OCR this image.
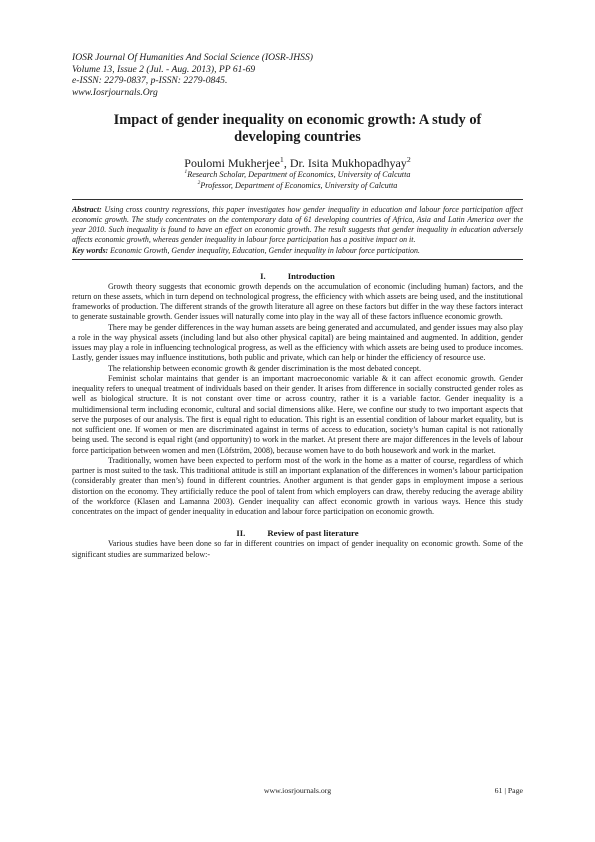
IOSR Journal Of Humanities And Social Science (IOSR-JHSS)
Volume 13, Issue 2 (Jul. - Aug. 2013), PP 61-69
e-ISSN: 2279-0837, p-ISSN: 2279-0845.
www.Iosrjournals.Org
Impact of gender inequality on economic growth: A study of
developing countries
Poulomi Mukherjee$^1$, Dr. Isita Mukhopadhyay$^2$
$^1$Research Scholar, Department of Economics, University of Calcutta
$^2$Professor, Department of Economics, University of Calcutta
Abstract: Using cross country regressions, this paper investigates how gender inequality in education and labour force participation affect economic growth. The study concentrates on the contemporary data of 61 developing countries of Africa, Asia and Latin America over the year 2010. Such inequality is found to have an effect on economic growth. The result suggests that gender inequality in education adversely affects economic growth, whereas gender inequality in labour force participation has a positive impact on it.
Key words: Economic Growth, Gender inequality, Education, Gender inequality in labour force participation.
I.	Introduction

Growth theory suggests that economic growth depends on the accumulation of economic (including human) factors, and the return on these assets, which in turn depend on technological progress, the efficiency with which assets are being used, and the institutional frameworks of production. The different strands of the growth literature all agree on these factors but differ in the way these factors interact to generate sustainable growth. Gender issues will naturally come into play in the way all of these factors influence economic growth.

There may be gender differences in the way human assets are being generated and accumulated, and gender issues may also play a role in the way physical assets (including land but also other physical capital) are being maintained and augmented. In addition, gender issues may play a role in influencing technological progress, as well as the efficiency with which assets are being used to produce incomes. Lastly, gender issues may influence institutions, both public and private, which can help or hinder the efficiency of resource use.

The relationship between economic growth & gender discrimination is the most debated concept.

Feminist scholar maintains that gender is an important macroeconomic variable & it can affect economic growth. Gender inequality refers to unequal treatment of individuals based on their gender. It arises from difference in socially constructed gender roles as well as biological structure. It is not constant over time or across country, rather it is a variable factor. Gender inequality is a multidimensional term including economic, cultural and social dimensions alike. Here, we confine our study to two important aspects that serve the purposes of our analysis. The first is equal right to education. This right is an essential condition of labour market equality, but is not sufficient one. If women or men are discriminated against in terms of access to education, society’s human capital is not rationally being used. The second is equal right (and opportunity) to work in the market. At present there are major differences in the levels of labour force participation between women and men (Löfström, 2008), because women have to do both housework and work in the market.

Traditionally, women have been expected to perform most of the work in the home as a matter of course, regardless of which partner is most suited to the task. This traditional attitude is still an important explanation of the differences in women’s labour participation (considerably greater than men’s) found in different countries. Another argument is that gender gaps in employment impose a serious distortion on the economy. They artificially reduce the pool of talent from which employers can draw, thereby reducing the average ability of the workforce (Klasen and Lamanna 2003). Gender inequality can affect economic growth in various ways. Hence this study concentrates on the impact of gender inequality in education and labour force participation on economic growth.

II.	Review of past literature

Various studies have been done so far in different countries on impact of gender inequality on economic growth. Some of the significant studies are summarized below:-

www.iosrjournals.org	61 | Page
